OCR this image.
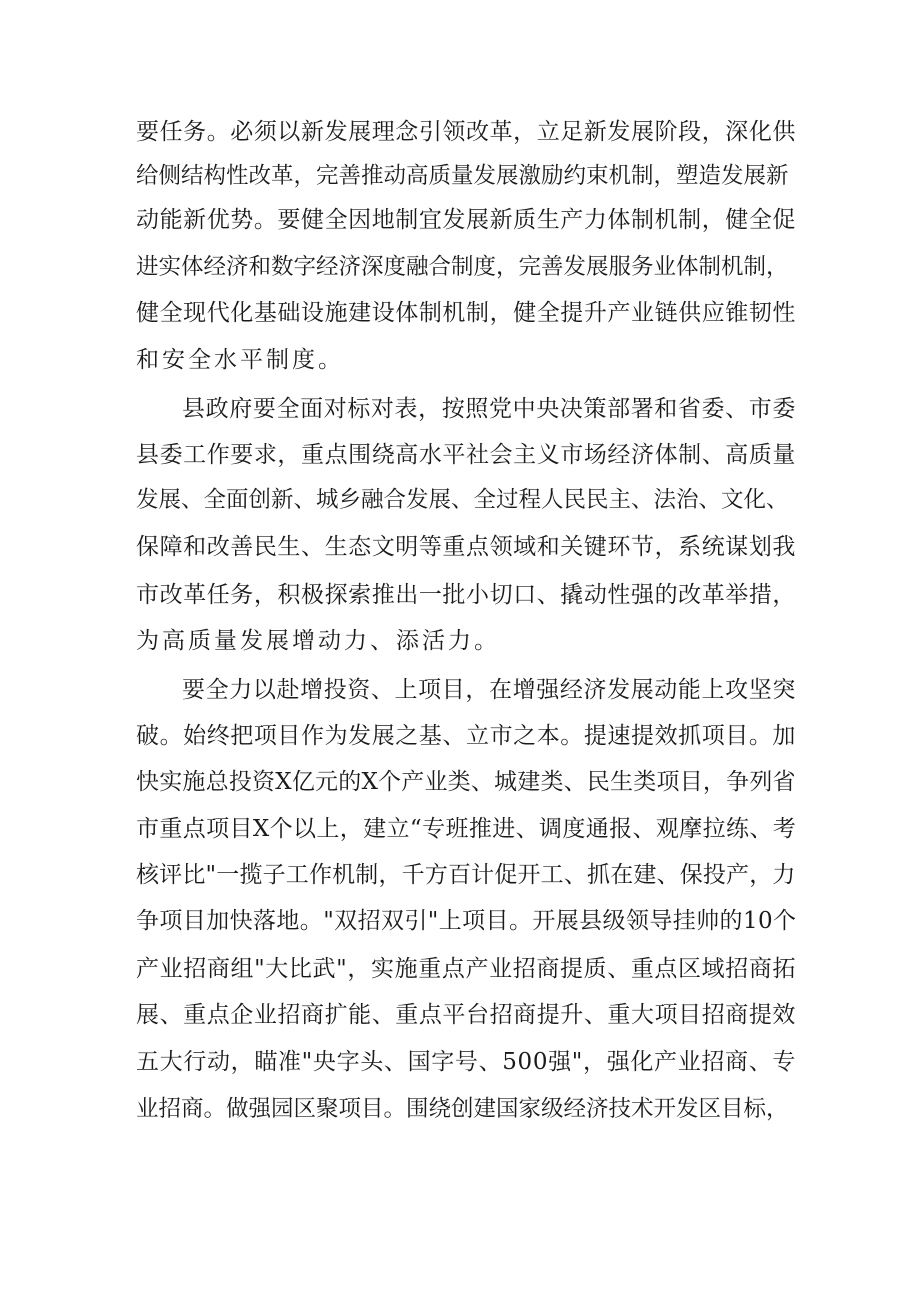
要任务。必须以新发展理念引领改革，立足新发展阶段，深化供
给侧结构性改革，完善推动高质量发展激励约束机制，塑造发展新
动能新优势。要健全因地制宜发展新质生产力体制机制，健全促
进实体经济和数字经济深度融合制度，完善发展服务业体制机制，
健全现代化基础设施建设体制机制，健全提升产业链供应锥韧性
和安全水平制度。
县政府要全面对标对表，按照党中央决策部署和省委、市委
县委工作要求，重点围绕高水平社会主义市场经济体制、高质量
发展、全面创新、城乡融合发展、全过程人民民主、法治、文化、
保障和改善民生、生态文明等重点领域和关键环节，系统谋划我
市改革任务，积极探索推出一批小切口、撬动性强的改革举措，
为高质量发展增动力、添活力。
要全力以赴增投资、上项目，在增强经济发展动能上攻坚突
破。始终把项目作为发展之基、立市之本。提速提效抓项目。加
快实施总投资X亿元的X个产业类、城建类、民生类项目，争列省
市重点项目X个以上，建立“专班推进、调度通报、观摩拉练、考
核评比"一揽子工作机制，千方百计促开工、抓在建、保投产，力
争项目加快落地。"双招双引"上项目。开展县级领导挂帅的10个
产业招商组"大比武"，实施重点产业招商提质、重点区域招商拓
展、重点企业招商扩能、重点平台招商提升、重大项目招商提效
五大行动，瞄准"央字头、国字号、500强"，强化产业招商、专
业招商。做强园区聚项目。围绕创建国家级经济技术开发区目标，
